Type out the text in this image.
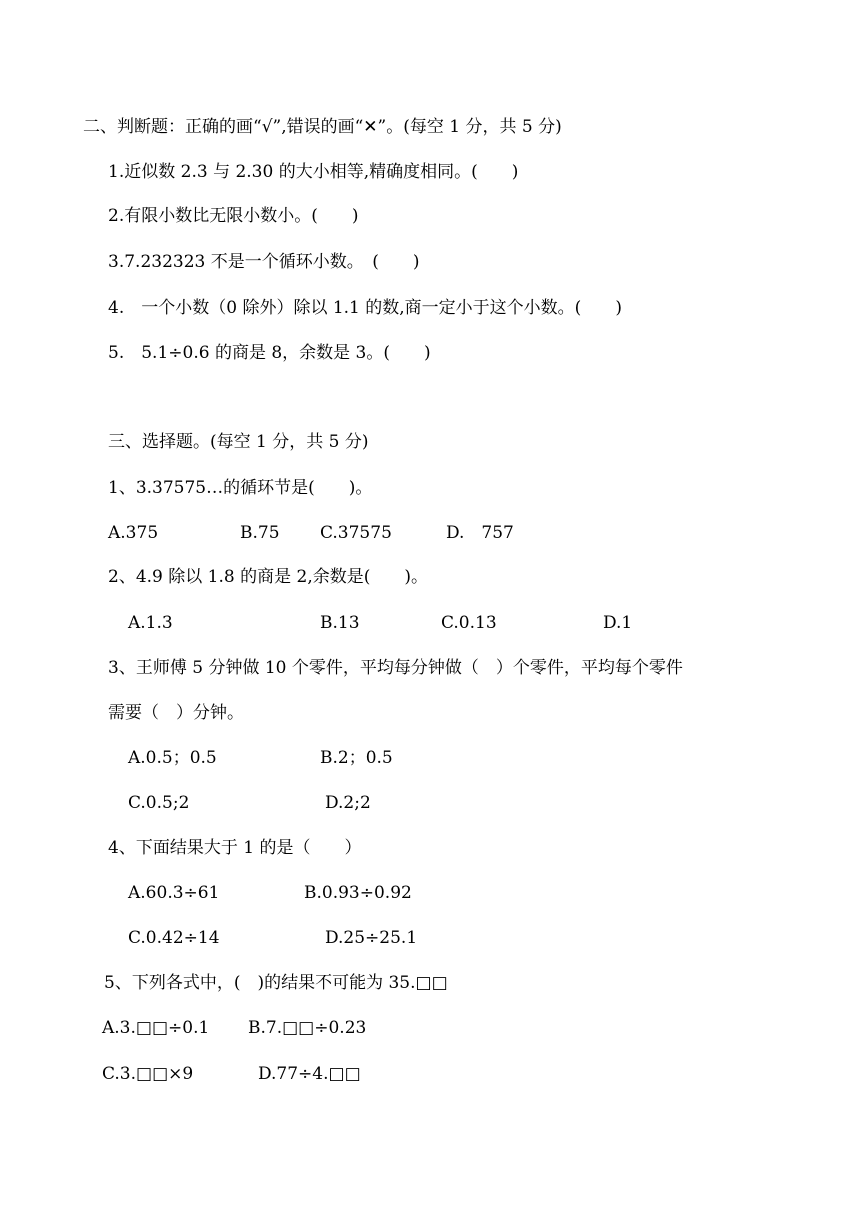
二、判断题：正确的画“√”,错误的画“✕”。(每空 1 分，共 5 分)
1.近似数 2.3 与 2.30 的大小相等,精确度相同。(　　)
2.有限小数比无限小数小。(　　)
3.7.232323 不是一个循环小数。　(　　)
4.　一个小数（0 除外）除以 1.1 的数,商一定小于这个小数。(　　)
5.　5.1÷0.6 的商是 8，余数是 3。(　　)
三、选择题。(每空 1 分，共 5 分)
1、3.37575…的循环节是(　　)。
A.375	B.75 C.37575	D.　757
2、4.9 除以 1.8 的商是 2,余数是(　　)。
A.1.3	B.13	C.0.13	D.1
3、王师傅 5 分钟做 10 个零件，平均每分钟做（　）个零件，平均每个零件
需要（　）分钟。
A.0.5；0.5	B.2；0.5
C.0.5;2	D.2;2
4、下面结果大于 1 的是（　　）
A.60.3÷61	B.0.93÷0.92
C.0.42÷14	D.25÷25.1
5、下列各式中，(　)的结果不可能为 35.□□
A.3.□□÷0.1 B.7.□□÷0.23
C.3.□□×9	D.77÷4.□□
